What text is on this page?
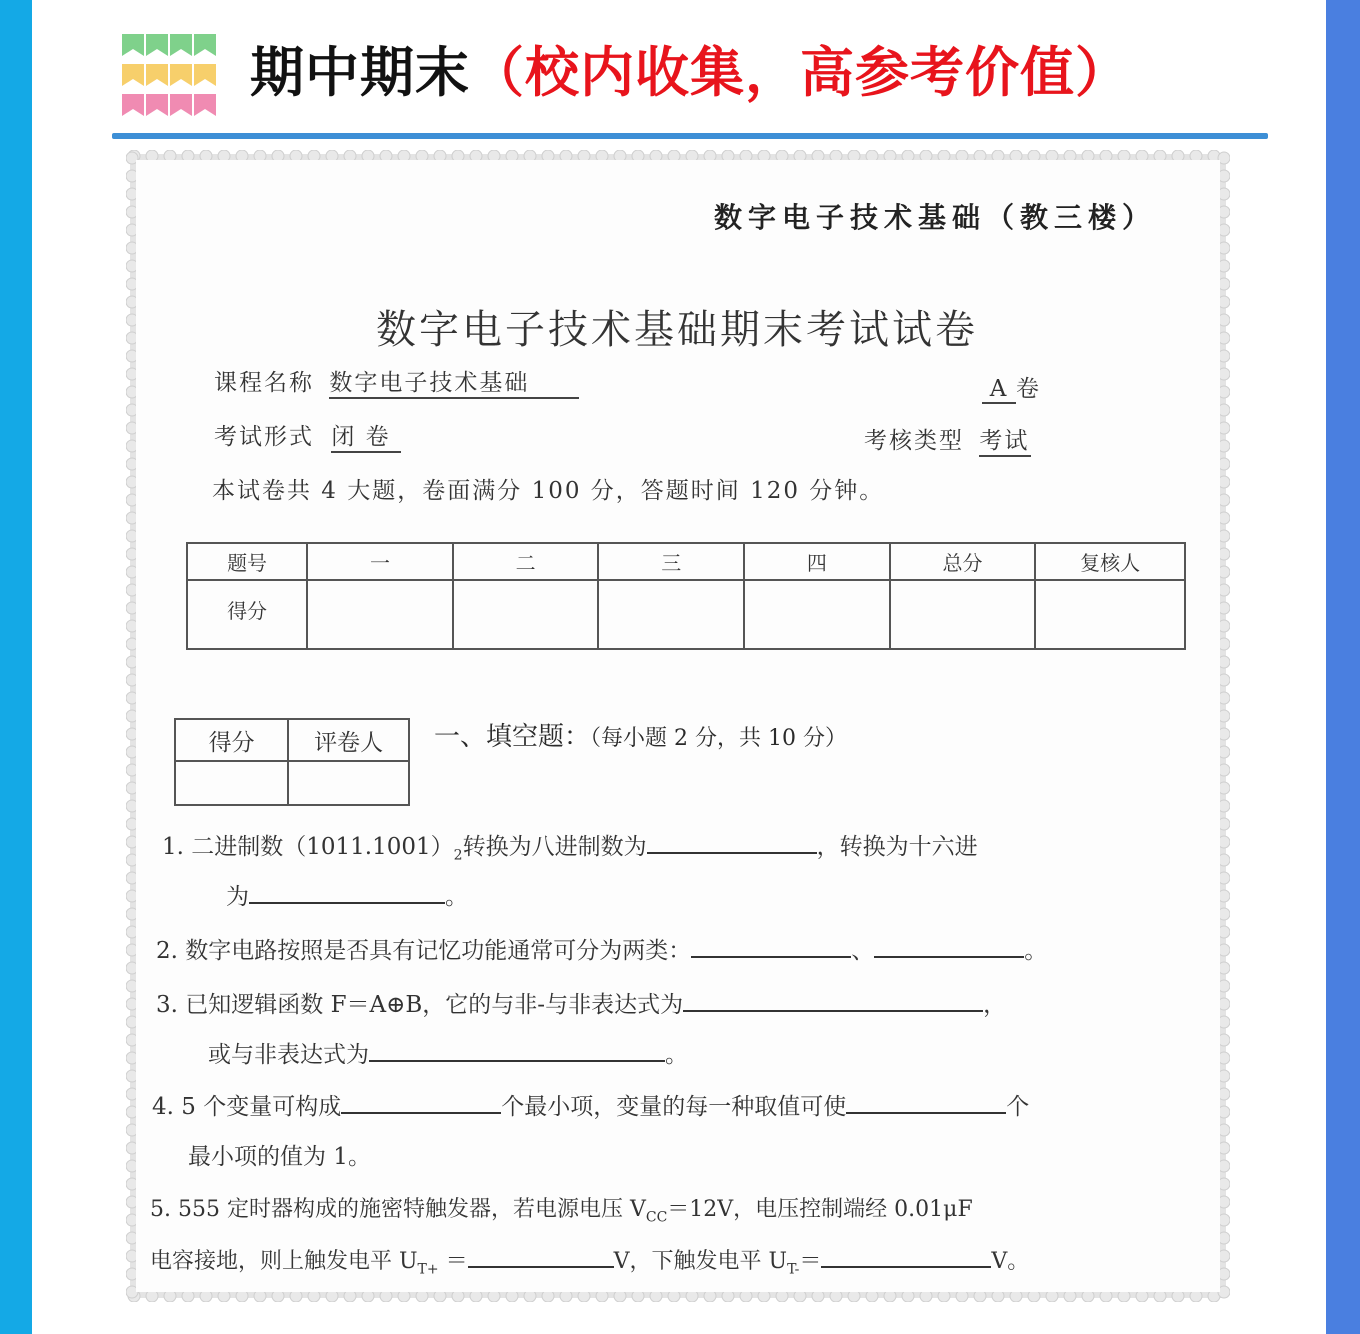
期中期末（校内收集，高参考价值）
数字电子技术基础（教三楼）
数字电子技术基础期末考试试卷
课程名称 数字电子技术基础	A 卷
考试形式 闭 卷	考核类型 考试
本试卷共 4 大题，卷面满分 100 分，答题时间 120 分钟。
题号	一	二	三	四	总分	复核人
得分						
得分	评卷人
	一、填空题：（每小题 2 分，共 10 分）
1. 二进制数$(1011.1001)_2$转换为八进制数为	，转换为十六进
为	。
2. 数字电路按照是否具有记忆功能通常可分为两类：	、	。
3. 已知逻辑函数 F＝A⊕B，它的与非-与非表达式为	，
或与非表达式为	。
4. 5 个变量可构成	个最小项，变量的每一种取值可使	个
最小项的值为 1。
5. 555 定时器构成的施密特触发器，若电源电压 $V_{CC}=12V$，电压控制端经 0.01μF
电容接地，则上触发电平 $U_{T+}$ ＝	V，下触发电平 $U_{T-}=$	V。
